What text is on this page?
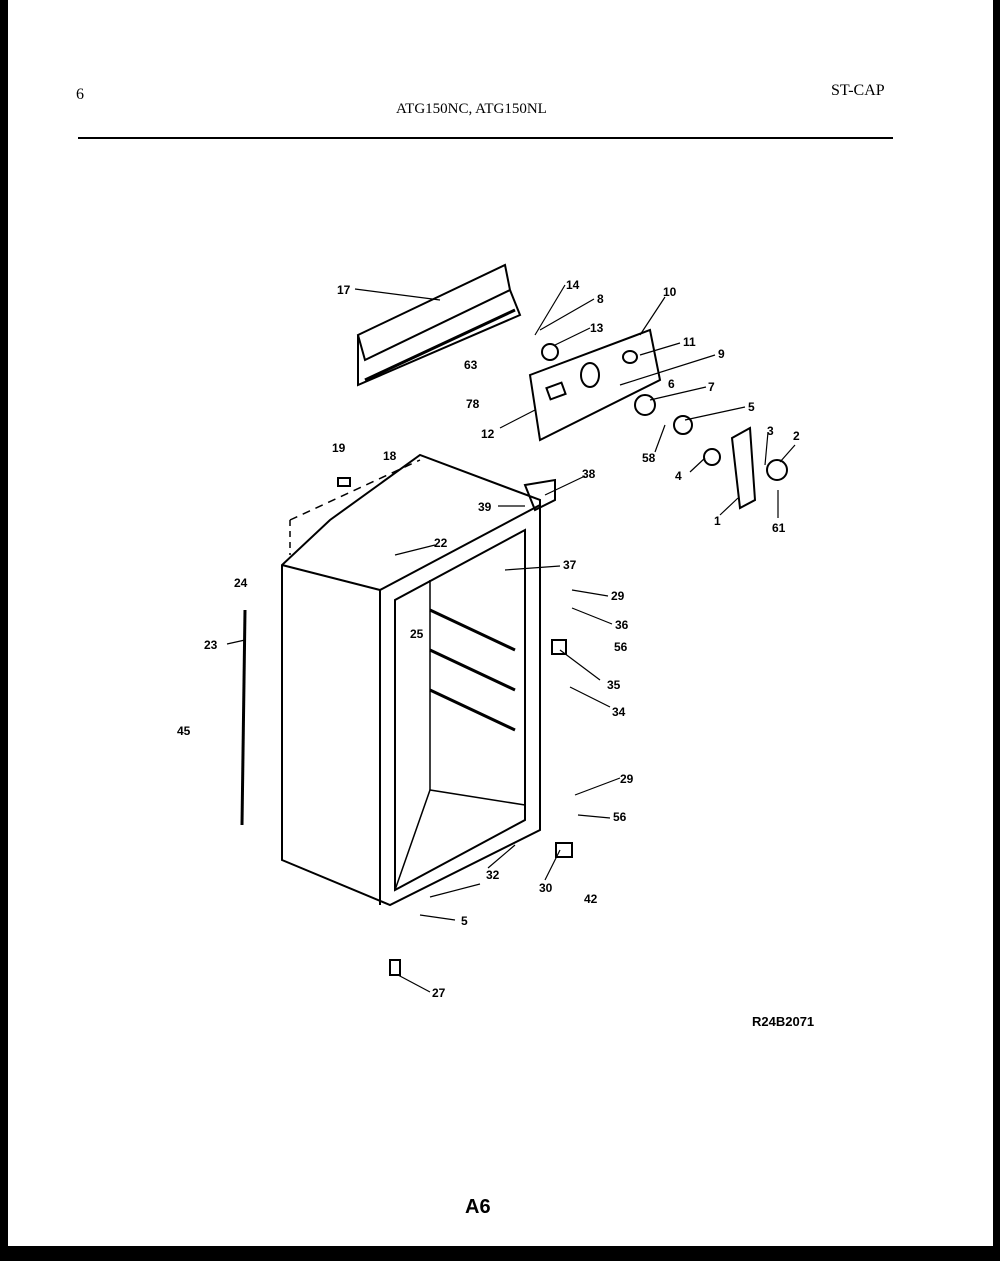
6
ATG150NC, ATG150NL
ST-CAP
17	14
8
13
10
11
9
63
78
6	7
5
12
58
3 2
4
1	61
19
18
38
39
22
37
24
29
23
36
25
56
35
34
45
29
56
32
30
42
5
27
R24B2071
A6
